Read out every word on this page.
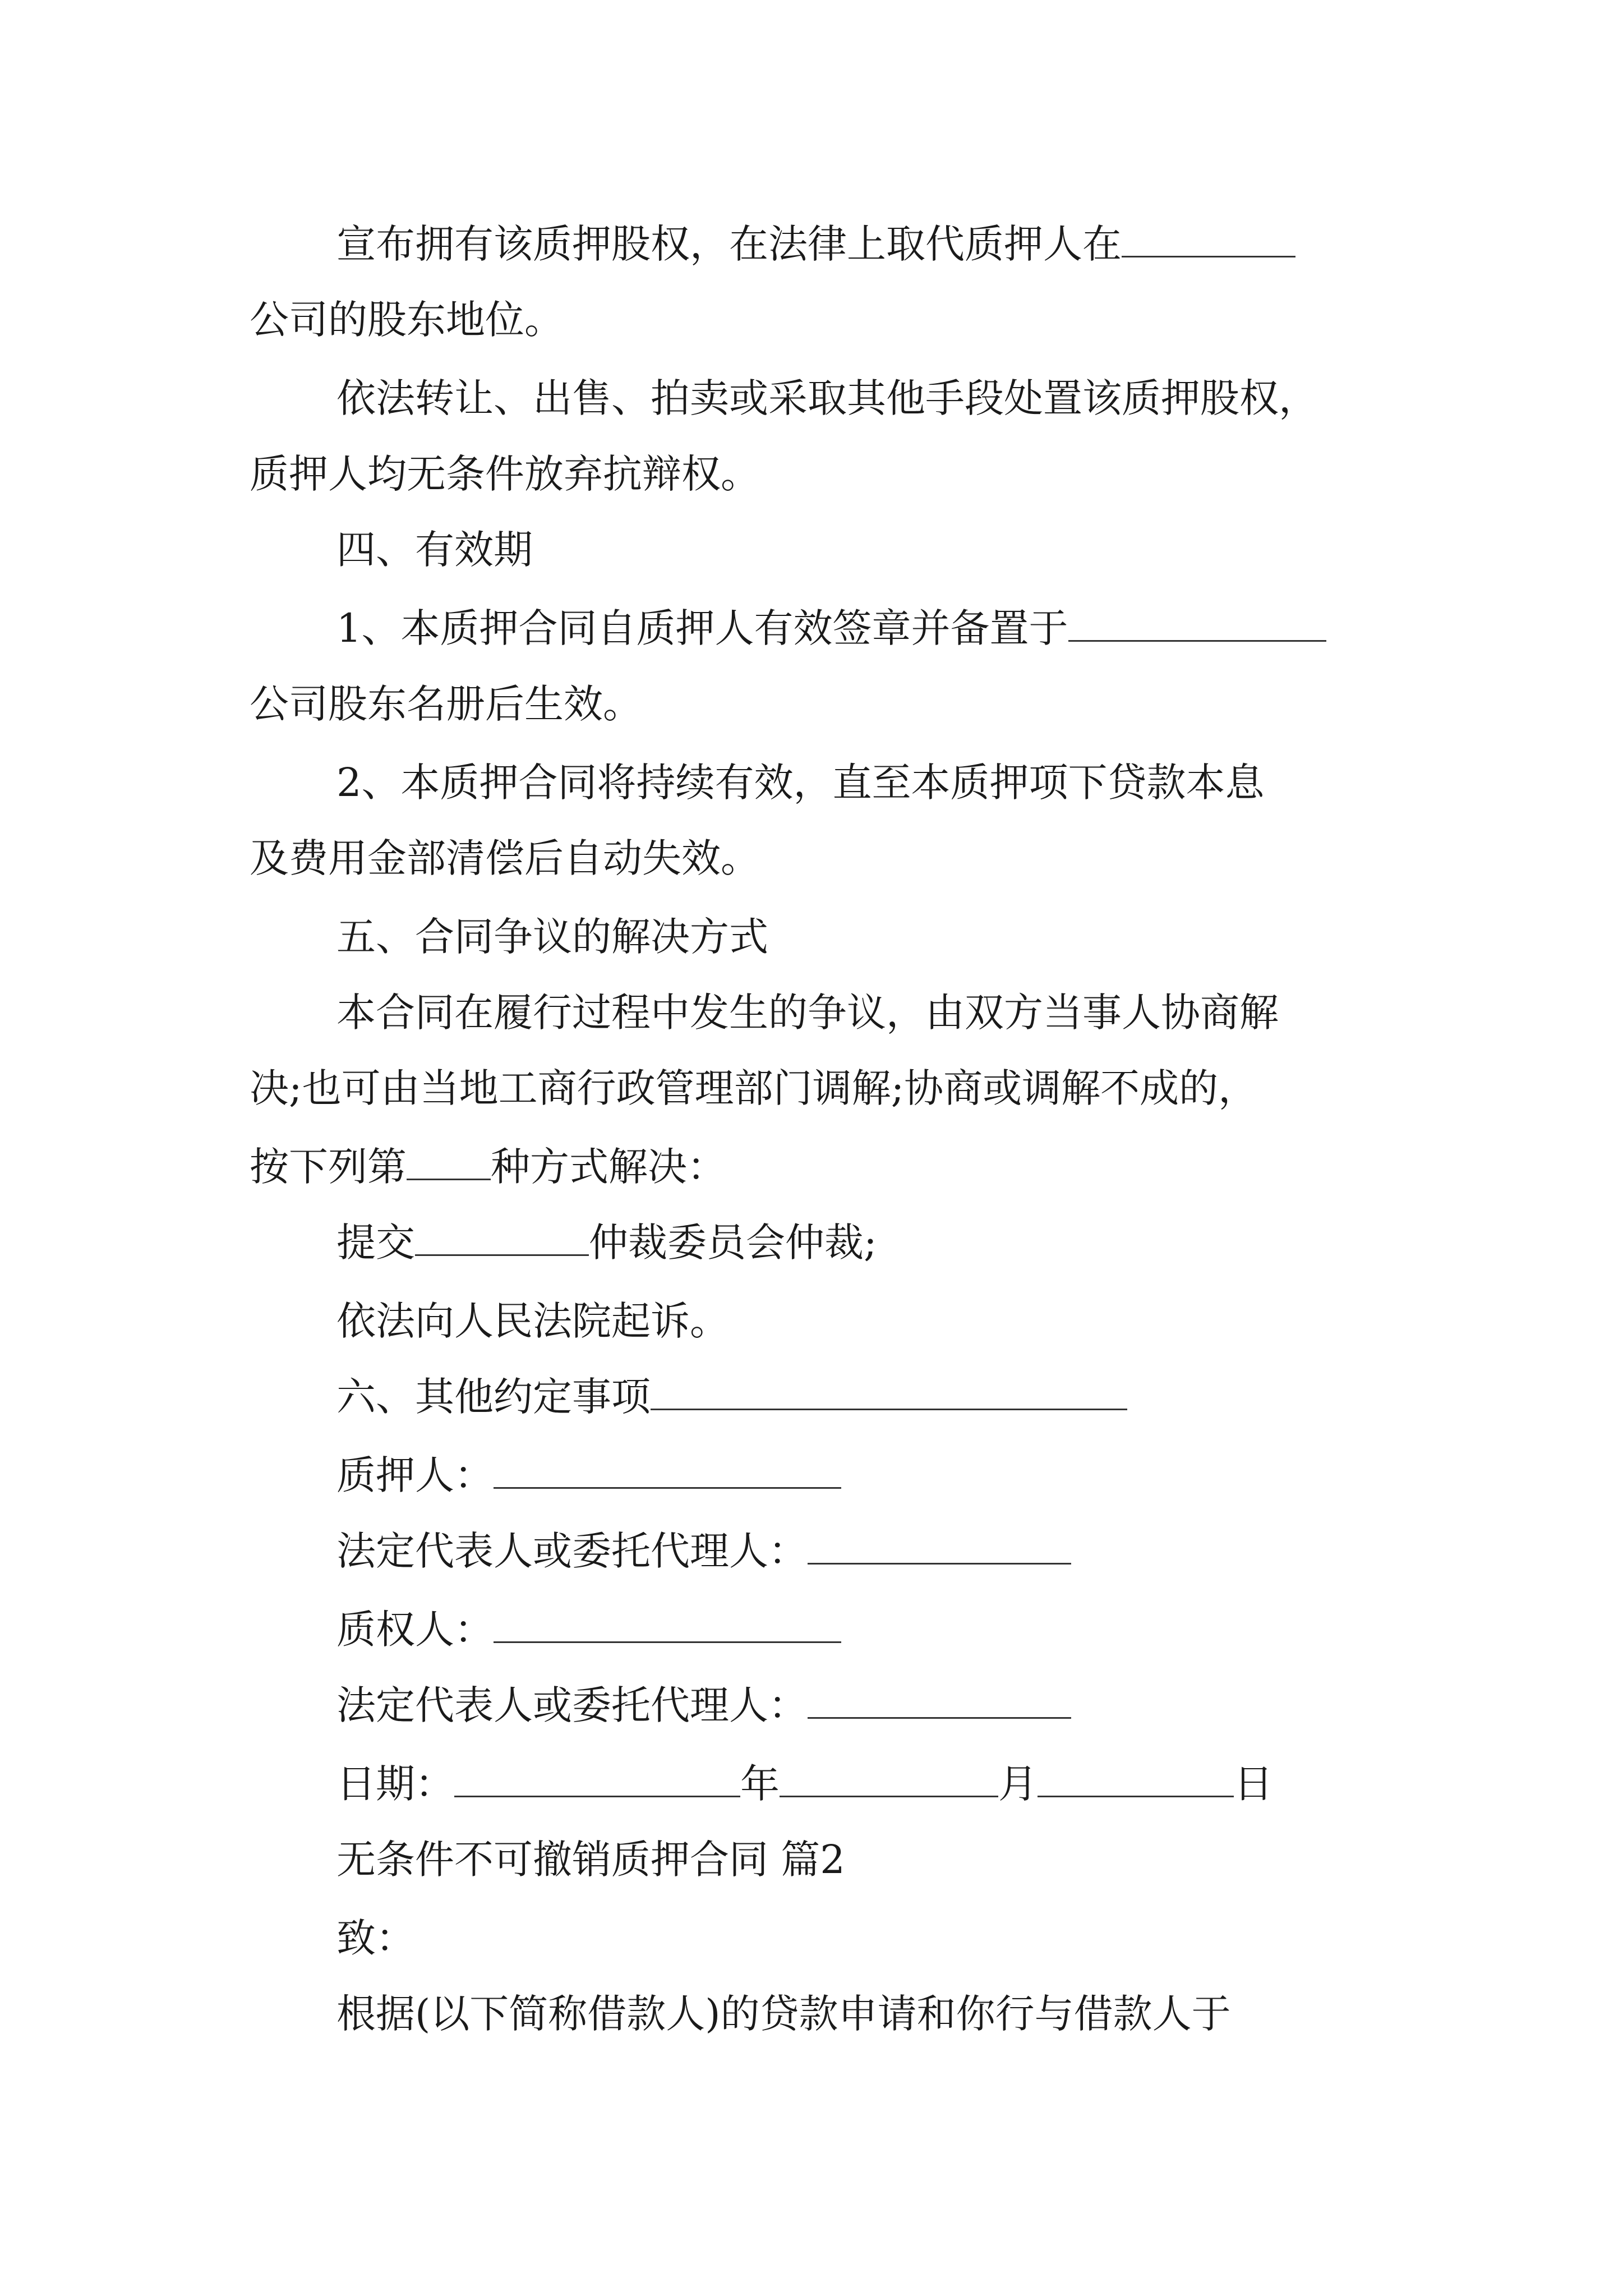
宣布拥有该质押股权，在法律上取代质押人在
公司的股东地位。
依法转让、出售、拍卖或采取其他手段处置该质押股权，
质押人均无条件放弃抗辩权。
四、有效期
1、本质押合同自质押人有效签章并备置于
公司股东名册后生效。
2、本质押合同将持续有效，直至本质押项下贷款本息
及费用金部清偿后自动失效。
五、合同争议的解决方式
本合同在履行过程中发生的争议，由双方当事人协商解
决;也可由当地工商行政管理部门调解;协商或调解不成的，
按下列第 种方式解决：
提交	仲裁委员会仲裁;
依法向人民法院起诉。
六、其他约定事项
质押人：
法定代表人或委托代理人：
质权人：
法定代表人或委托代理人：
日期：	年	月	日
无条件不可撤销质押合同 篇2
致：
根据(以下简称借款人)的贷款申请和你行与借款人于
